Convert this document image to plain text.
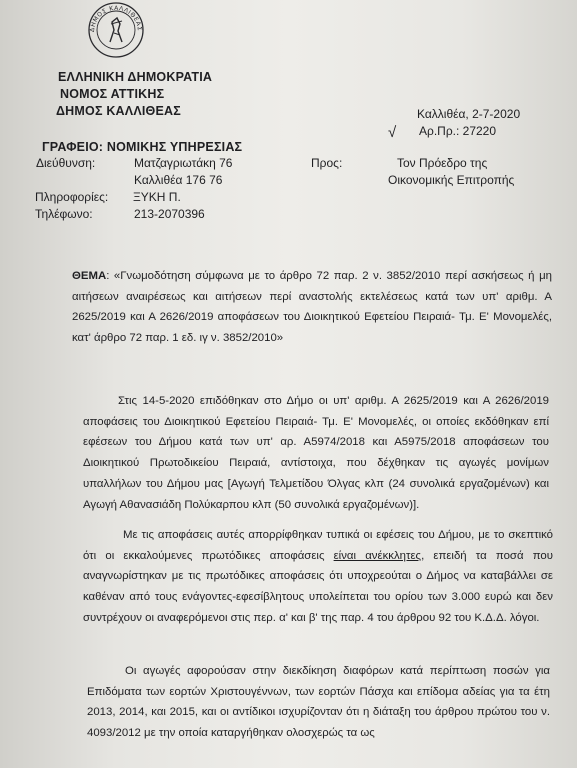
ΔΗΜΟΣ ΚΑΛΛΙΘΕΑΣ
ΕΛΛΗΝΙΚΗ ΔΗΜΟΚΡΑΤΙΑ
ΝΟΜΟΣ ΑΤΤΙΚΗΣ
ΔΗΜΟΣ ΚΑΛΛΙΘΕΑΣ	Καλλιθέα, 2-7-2020
Αρ.Πρ.: 27220
√
ΓΡΑΦΕΙΟ: ΝΟΜΙΚΗΣ ΥΠΗΡΕΣΙΑΣ
Διεύθυνση:	Ματζαγριωτάκη 76
Καλλιθέα 176 76
Πληροφορίες: ΞΥΚΗ Π.
Τηλέφωνο:	213-2070396
Προς:	Τον Πρόεδρο της
Οικονομικής Επιτροπής

ΘΕΜΑ: «Γνωμοδότηση σύμφωνα με το άρθρο 72 παρ. 2 ν. 3852/2010 περί ασκήσεως ή μη αιτήσεων αναιρέσεως και αιτήσεων περί αναστολής εκτελέσεως κατά των υπ' αριθμ. Α 2625/2019 και Α 2626/2019 αποφάσεων του Διοικητικού Εφετείου Πειραιά- Τμ. Ε' Μονομελές, κατ' άρθρο 72 παρ. 1 εδ. ιγ ν. 3852/2010»

Στις 14-5-2020 επιδόθηκαν στο Δήμο οι υπ' αριθμ. Α 2625/2019 και Α 2626/2019 αποφάσεις του Διοικητικού Εφετείου Πειραιά- Τμ. Ε' Μονομελές, οι οποίες εκδόθηκαν επί εφέσεων του Δήμου κατά των υπ' αρ. Α5974/2018 και Α5975/2018 αποφάσεων του Διοικητικού Πρωτοδικείου Πειραιά, αντίστοιχα, που δέχθηκαν τις αγωγές μονίμων υπαλλήλων του Δήμου μας [Αγωγή Τελμετίδου Όλγας κλπ (24 συνολικά εργαζομένων) και Αγωγή Αθανασιάδη Πολύκαρπου κλπ (50 συνολικά εργαζομένων)].

Με τις αποφάσεις αυτές απορρίφθηκαν τυπικά οι εφέσεις του Δήμου, με το σκεπτικό ότι οι εκκαλούμενες πρωτόδικες αποφάσεις είναι ανέκκλητες, επειδή τα ποσά που αναγνωρίστηκαν με τις πρωτόδικες αποφάσεις ότι υποχρεούται ο Δήμος να καταβάλλει σε καθέναν από τους ενάγοντες-εφεσίβλητους υπολείπεται του ορίου των 3.000 ευρώ και δεν συντρέχουν οι αναφερόμενοι στις περ. α' και β' της παρ. 4 του άρθρου 92 του Κ.Δ.Δ. λόγοι.

Οι αγωγές αφορούσαν στην διεκδίκηση διαφόρων κατά περίπτωση ποσών για Επιδόματα των εορτών Χριστουγέννων, των εορτών Πάσχα και επίδομα αδείας για τα έτη 2013, 2014, και 2015, και οι αντίδικοι ισχυρίζονταν ότι η διάταξη του άρθρου πρώτου του ν. 4093/2012 με την οποία καταργήθηκαν ολοσχερώς τα ως
